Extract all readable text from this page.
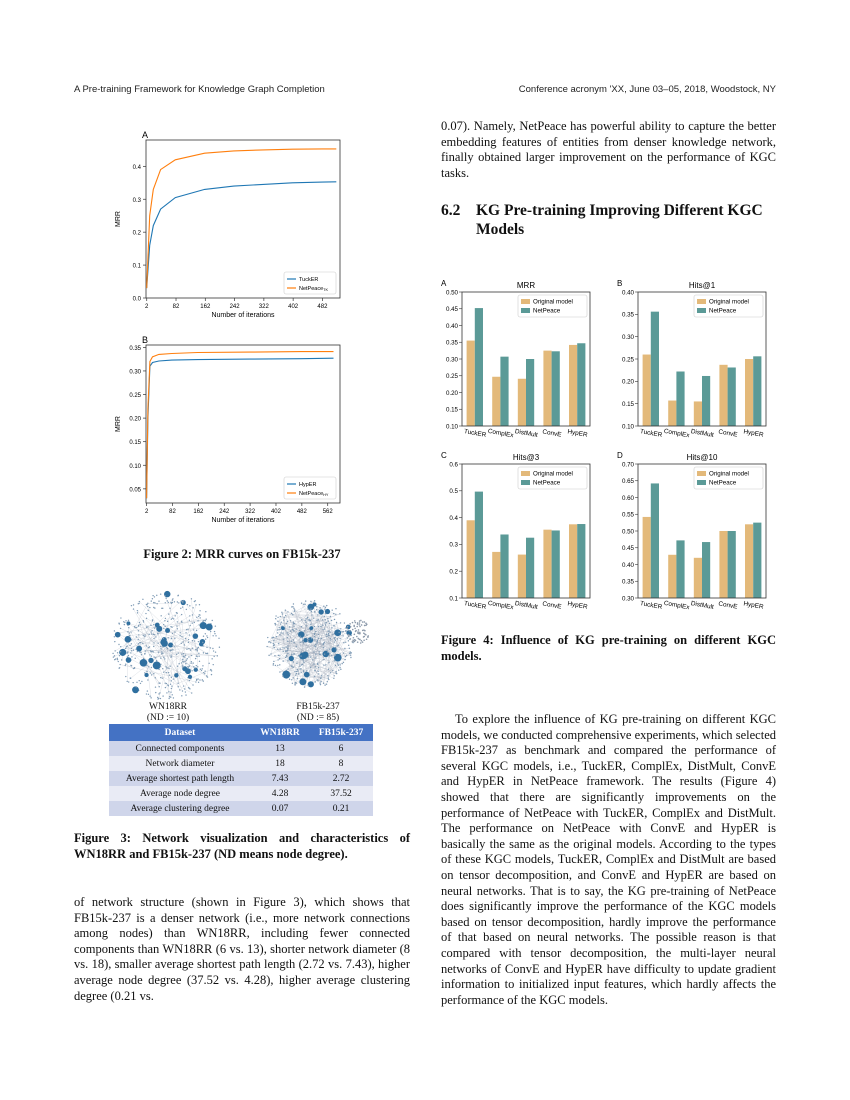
A Pre-training Framework for Knowledge Graph Completion	Conference acronym 'XX, June 03–05, 2018, Woodstock, NY
A
0.0
0.1
0.2
0.3
0.4
2	82	162	242	322	402	482
Number of iterations
MRR
TuckER
NetPeace$_{TK}$
B
0.05
0.10
0.15
0.20
0.25
0.30
0.35
2	82	162	242	322	402	482	562
Number of iterations
MRR
HypER
NetPeace$_{HY}$
Figure 2: MRR curves on FB15k-237
WN18RR
(ND := 10)
FB15k-237
(ND := 85)
Dataset	WN18RR	FB15k-237
Connected components	13	6
Network diameter	18	8
Average shortest path length	7.43	2.72
Average node degree	4.28	37.52
Average clustering degree	0.07	0.21
Figure 3: Network visualization and characteristics of WN18RR and FB15k-237 (ND means node degree).
of network structure (shown in Figure 3), which shows that FB15k-237 is a denser network (i.e., more network connections among nodes) than WN18RR, including fewer connected components than WN18RR (6 vs. 13), shorter network diameter (8 vs. 18), smaller average shortest path length (2.72 vs. 7.43), higher average node degree (37.52 vs. 4.28), higher average clustering degree (0.21 vs.
0.07). Namely, NetPeace has powerful ability to capture the better embedding features of entities from denser knowledge network, finally obtained larger improvement on the performance of KGC tasks.
6.2 KG Pre-training Improving Different KGC Models
A	MRR
0.10
0.15
0.20
0.25
0.30
0.35
0.40
0.45
0.50
TuckER ComplEx DistMult ConvE HypER
Original model
NetPeace
B	Hits@1
0.10
0.15
0.20
0.25
0.30
0.35
0.40
TuckER ComplEx DistMult ConvE HypER
Original model
NetPeace
C	Hits@3
0.1
0.2
0.3
0.4
0.5
0.6
TuckER ComplEx DistMult ConvE HypER
Original model
NetPeace
D	Hits@10
0.30
0.35
0.40
0.45
0.50
0.55
0.60
0.65
0.70
TuckER ComplEx DistMult ConvE HypER
Original model
NetPeace
Figure 4: Influence of KG pre-training on different KGC models.
To explore the influence of KG pre-training on different KGC models, we conducted comprehensive experiments, which selected FB15k-237 as benchmark and compared the performance of several KGC models, i.e., TuckER, ComplEx, DistMult, ConvE and HypER in NetPeace framework. The results (Figure 4) showed that there are significantly improvements on the performance of NetPeace with TuckER, ComplEx and DistMult. The performance on NetPeace with ConvE and HypER is basically the same as the original models. According to the types of these KGC models, TuckER, ComplEx and DistMult are based on tensor decomposition, and ConvE and HypER are based on neural networks. That is to say, the KG pre-training of NetPeace does significantly improve the performance of the KGC models based on tensor decomposition, hardly improve the performance of that based on neural networks. The possible reason is that compared with tensor decomposition, the multi-layer neural networks of ConvE and HypER have difficulty to update gradient information to initialized input features, which hardly affects the performance of the KGC models.
